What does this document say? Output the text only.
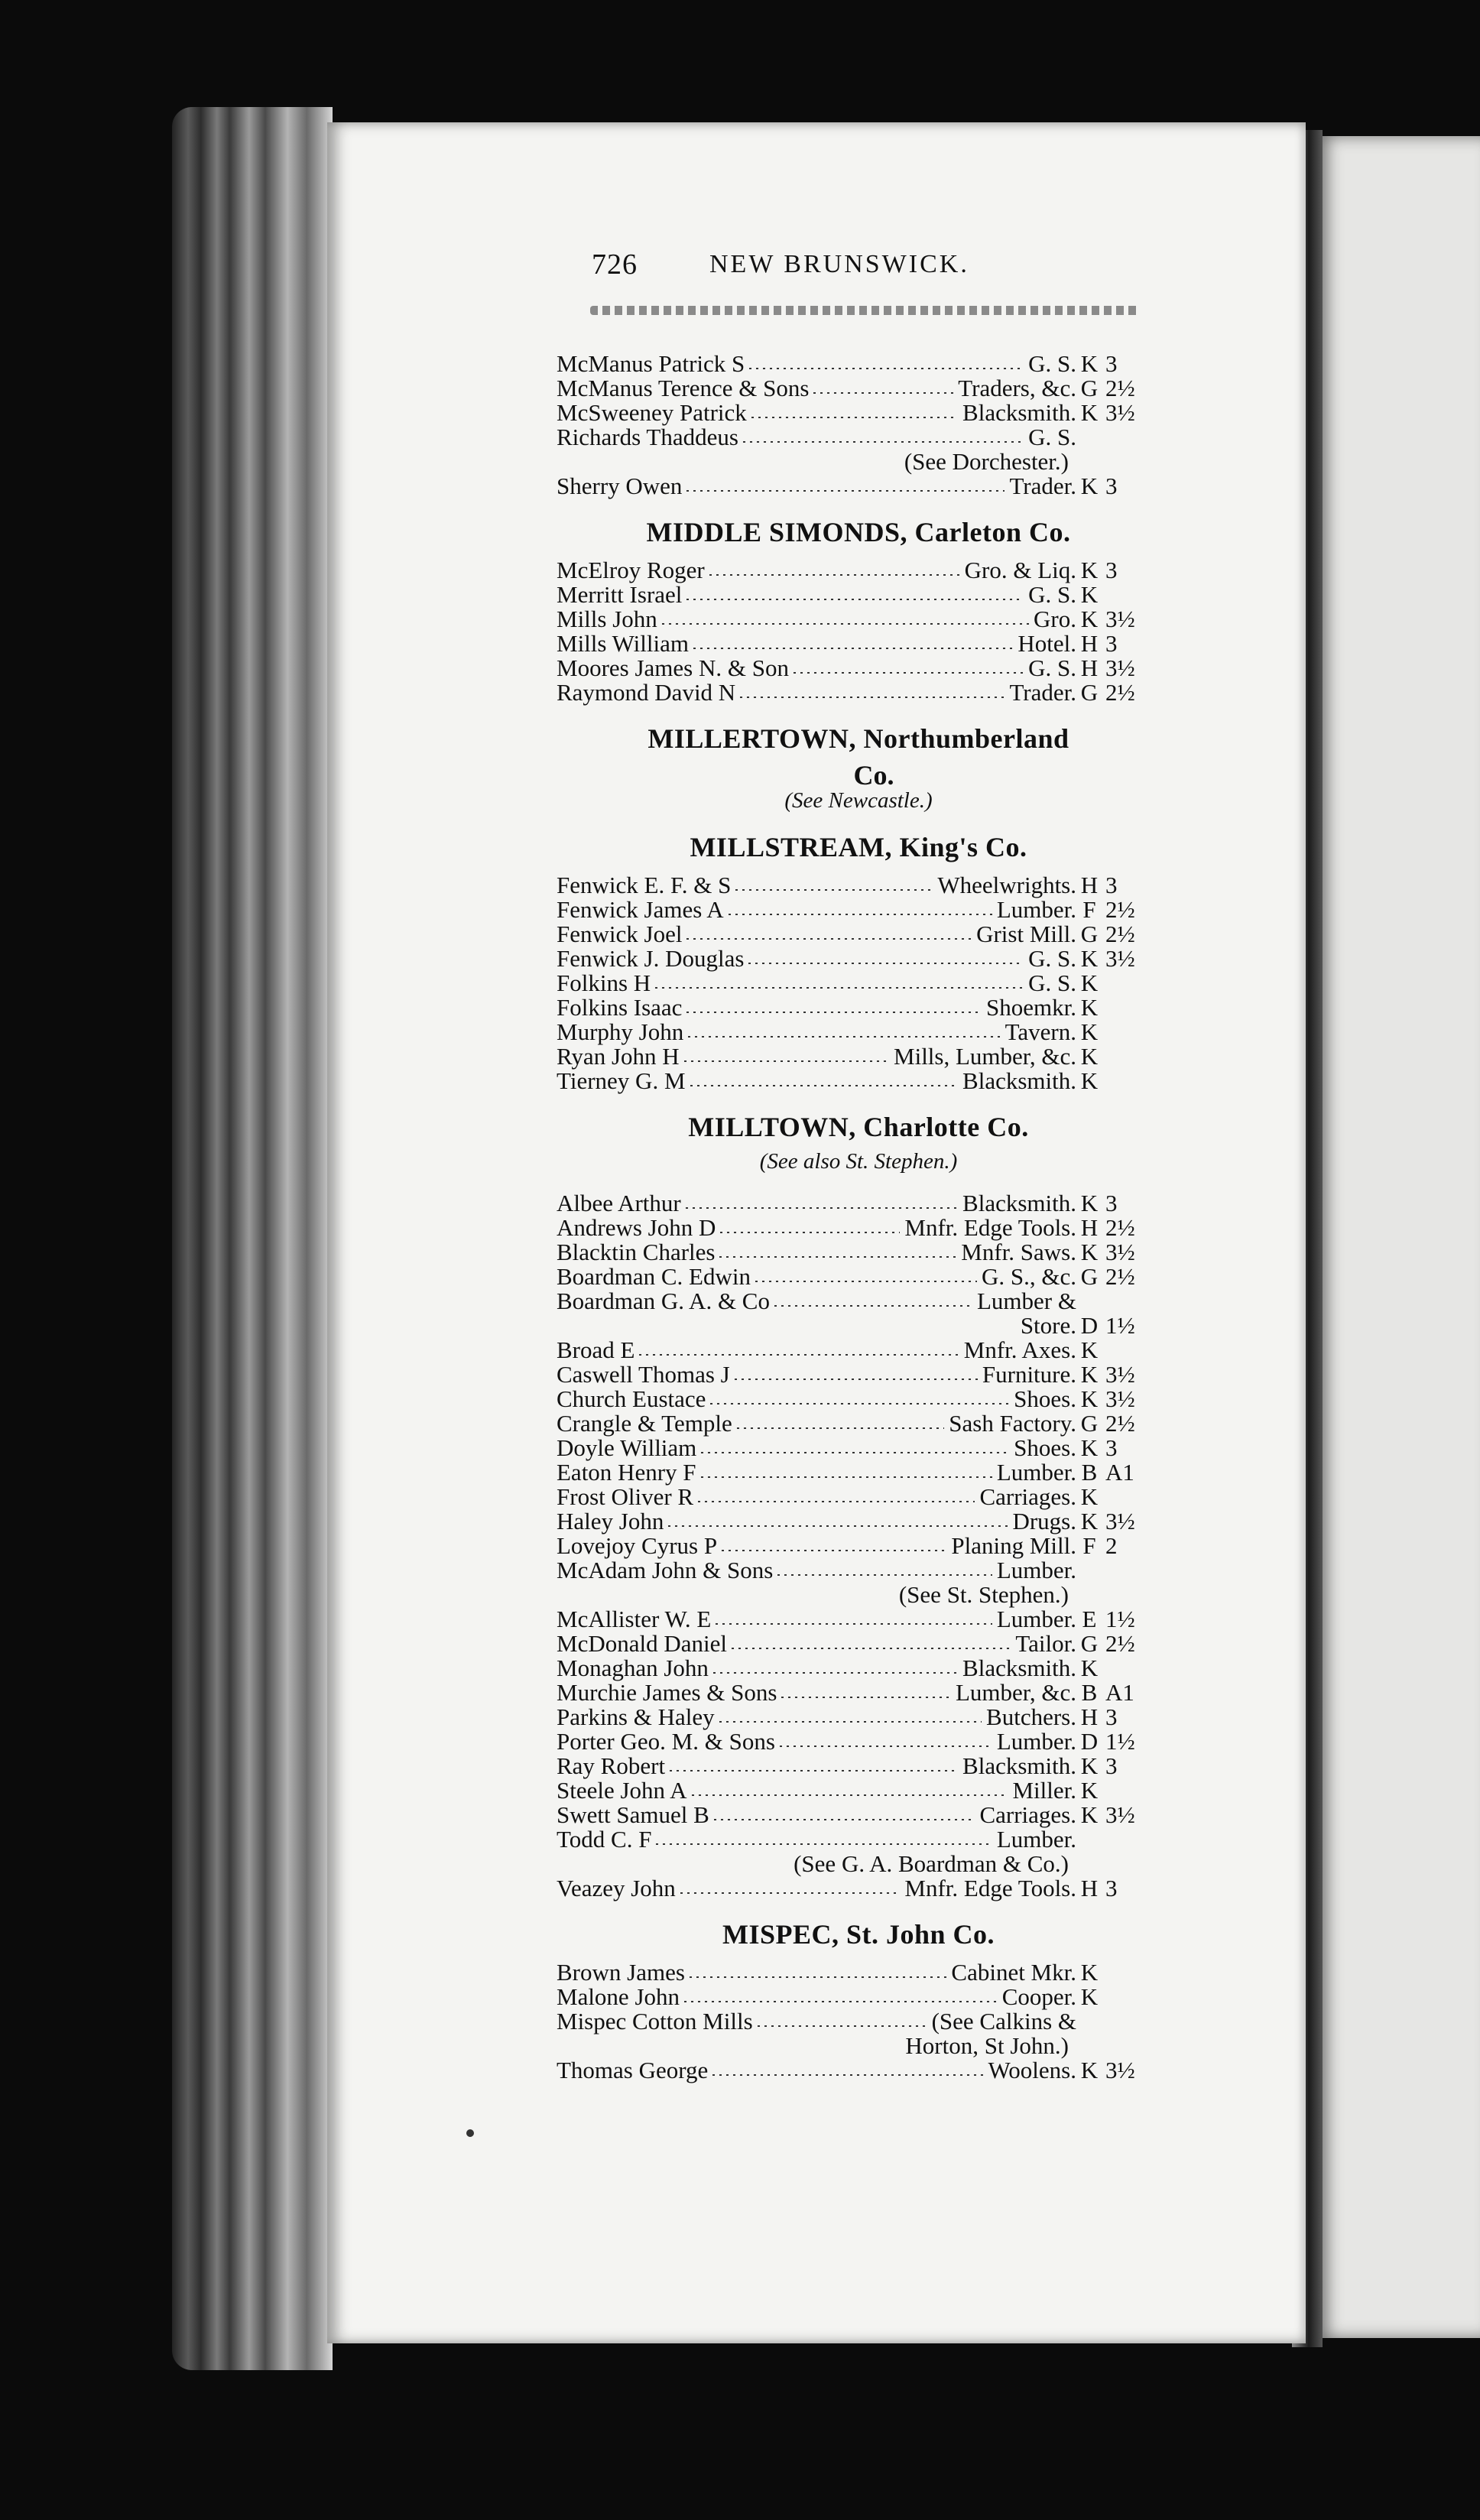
726	NEW BRUNSWICK.
McManus Patrick S	G. S. K 3
McManus Terence & Sons	Traders, &c. G 2½
McSweeney Patrick	Blacksmith. K 3½
Richards Thaddeus	G. S.
(See Dorchester.)
Sherry Owen	Trader. K 3
MIDDLE SIMONDS, Carleton Co.
McElroy Roger	Gro. & Liq. K 3
Merritt Israel	G. S. K
Mills John	Gro. K 3½
Mills William	Hotel. H 3
Moores James N. & Son	G. S. H 3½
Raymond David N	Trader. G 2½
MILLERTOWN, Northumberland
Co.
(See Newcastle.)
MILLSTREAM, King's Co.
Fenwick E. F. & S	Wheelwrights. H 3
Fenwick James A	Lumber. F 2½
Fenwick Joel	Grist Mill. G 2½
Fenwick J. Douglas	G. S. K 3½
Folkins H	G. S. K
Folkins Isaac	Shoemkr. K
Murphy John	Tavern. K
Ryan John H	Mills, Lumber, &c. K
Tierney G. M	Blacksmith. K
MILLTOWN, Charlotte Co.
(See also St. Stephen.)
Albee Arthur	Blacksmith. K 3
Andrews John D	Mnfr. Edge Tools. H 2½
Blacktin Charles	Mnfr. Saws. K 3½
Boardman C. Edwin	G. S., &c. G 2½
Boardman G. A. & Co	Lumber &
Store. D 1½
Broad E	Mnfr. Axes. K
Caswell Thomas J	Furniture. K 3½
Church Eustace	Shoes. K 3½
Crangle & Temple	Sash Factory. G 2½
Doyle William	Shoes. K 3
Eaton Henry F	Lumber. B A1
Frost Oliver R	Carriages. K
Haley John	Drugs. K 3½
Lovejoy Cyrus P	Planing Mill. F 2
McAdam John & Sons	Lumber.
(See St. Stephen.)
McAllister W. E	Lumber. E 1½
McDonald Daniel	Tailor. G 2½
Monaghan John	Blacksmith. K
Murchie James & Sons	Lumber, &c. B A1
Parkins & Haley	Butchers. H 3
Porter Geo. M. & Sons	Lumber. D 1½
Ray Robert	Blacksmith. K 3
Steele John A	Miller. K
Swett Samuel B	Carriages. K 3½
Todd C. F	Lumber.
(See G. A. Boardman & Co.)
Veazey John	Mnfr. Edge Tools. H 3
MISPEC, St. John Co.
Brown James	Cabinet Mkr. K
Malone John	Cooper. K
Mispec Cotton Mills	(See Calkins &
Horton, St John.)
Thomas George	Woolens. K 3½
